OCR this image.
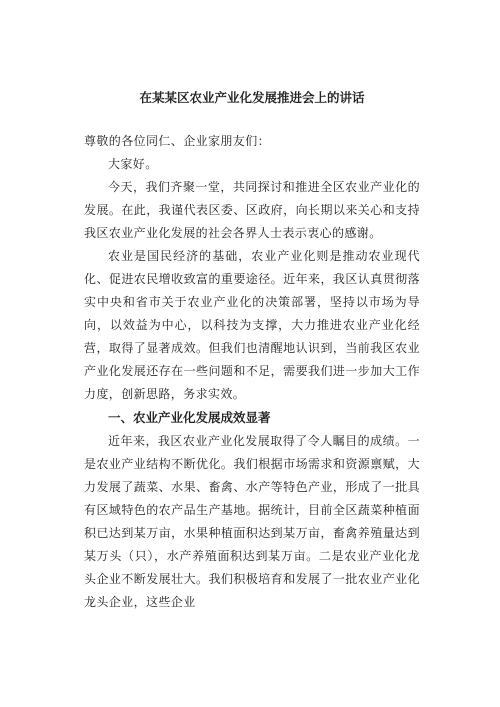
在某某区农业产业化发展推进会上的讲话

尊敬的各位同仁、企业家朋友们：

大家好。

今天，我们齐聚一堂，共同探讨和推进全区农业产业化的发展。在此，我谨代表区委、区政府，向长期以来关心和支持我区农业产业化发展的社会各界人士表示衷心的感谢。

农业是国民经济的基础，农业产业化则是推动农业现代化、促进农民增收致富的重要途径。近年来，我区认真贯彻落实中央和省市关于农业产业化的决策部署，坚持以市场为导向，以效益为中心，以科技为支撑，大力推进农业产业化经营，取得了显著成效。但我们也清醒地认识到，当前我区农业产业化发展还存在一些问题和不足，需要我们进一步加大工作力度，创新思路，务求实效。

一、农业产业化发展成效显著

近年来，我区农业产业化发展取得了令人瞩目的成绩。一是农业产业结构不断优化。我们根据市场需求和资源禀赋，大力发展了蔬菜、水果、畜禽、水产等特色产业，形成了一批具有区域特色的农产品生产基地。据统计，目前全区蔬菜种植面积已达到某万亩，水果种植面积达到某万亩，畜禽养殖量达到某万头（只），水产养殖面积达到某万亩。二是农业产业化龙头企业不断发展壮大。我们积极培育和发展了一批农业产业化龙头企业，这些企业
